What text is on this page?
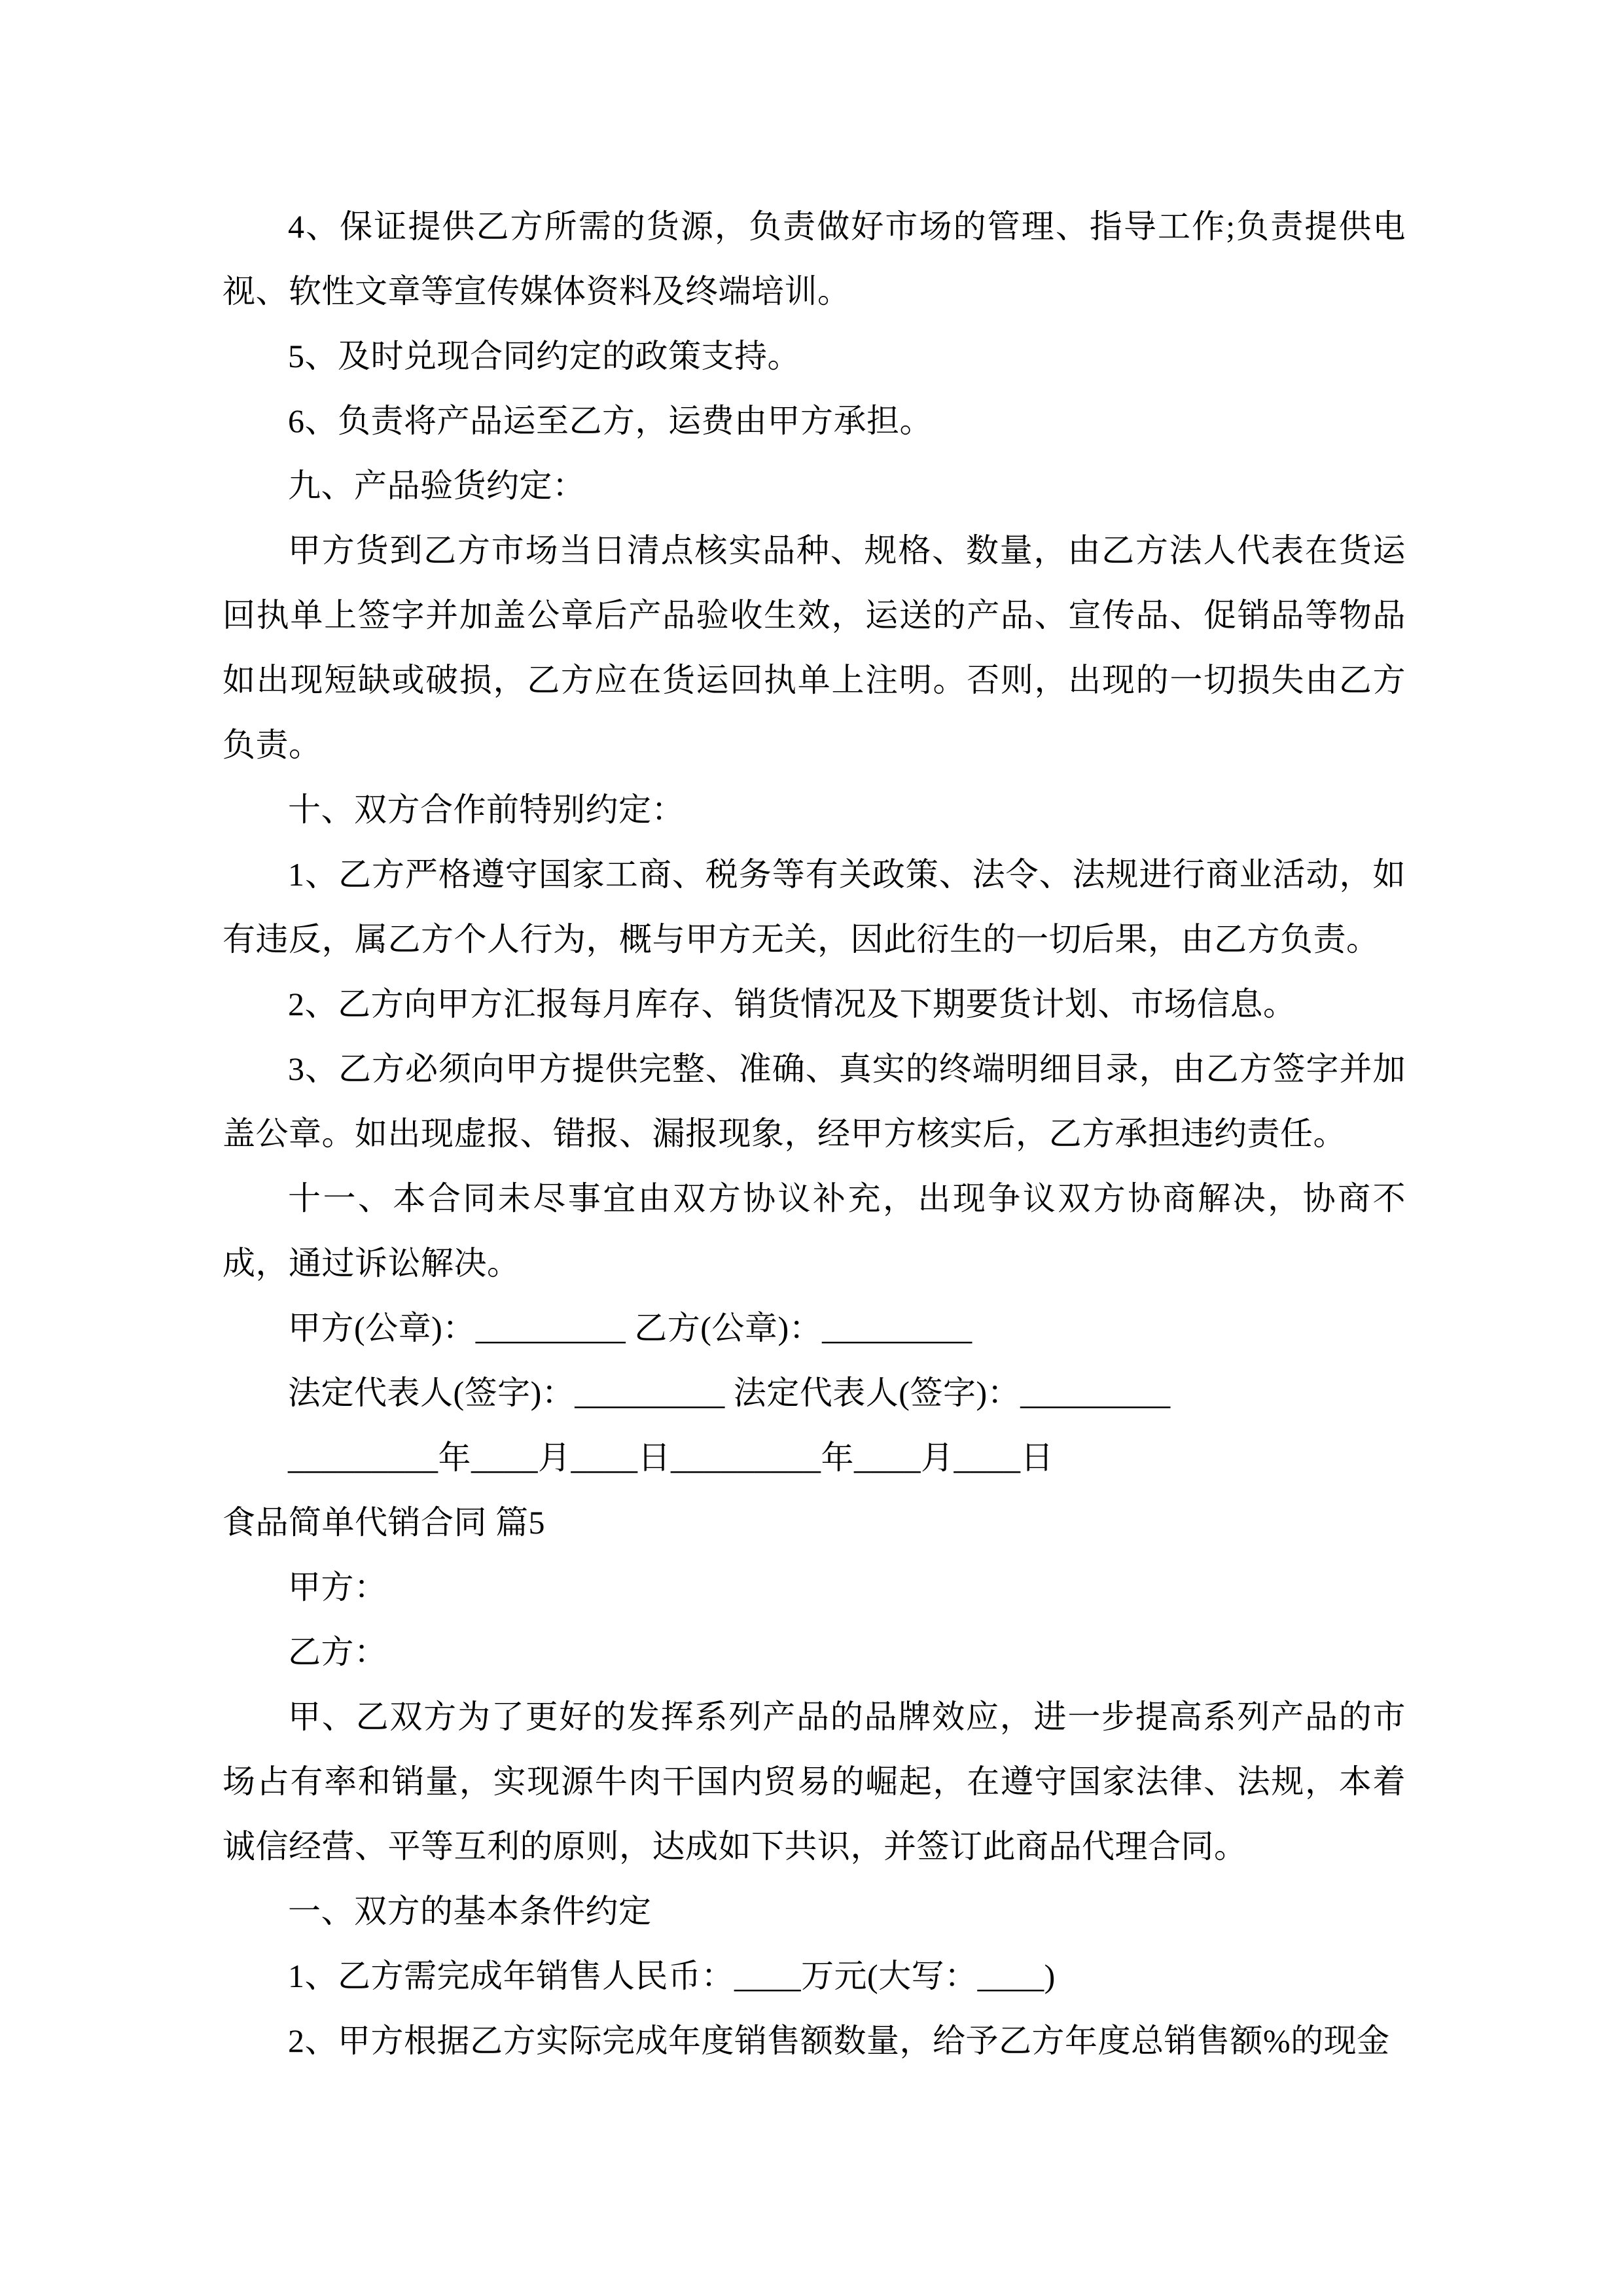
4、保证提供乙方所需的货源，负责做好市场的管理、指导工作;负责提供电视、软性文章等宣传媒体资料及终端培训。

5、及时兑现合同约定的政策支持。

6、负责将产品运至乙方，运费由甲方承担。

九、产品验货约定：

甲方货到乙方市场当日清点核实品种、规格、数量，由乙方法人代表在货运回执单上签字并加盖公章后产品验收生效，运送的产品、宣传品、促销品等物品如出现短缺或破损，乙方应在货运回执单上注明。否则，出现的一切损失由乙方负责。

十、双方合作前特别约定：

1、乙方严格遵守国家工商、税务等有关政策、法令、法规进行商业活动，如有违反，属乙方个人行为，概与甲方无关，因此衍生的一切后果，由乙方负责。

2、乙方向甲方汇报每月库存、销货情况及下期要货计划、市场信息。

3、乙方必须向甲方提供完整、准确、真实的终端明细目录，由乙方签字并加盖公章。如出现虚报、错报、漏报现象，经甲方核实后，乙方承担违约责任。

十一、本合同未尽事宜由双方协议补充，出现争议双方协商解决，协商不成，通过诉讼解决。

甲方(公章)：_________ 乙方(公章)：_________

法定代表人(签字)：_________ 法定代表人(签字)：_________

_________年____月____日_________年____月____日

食品简单代销合同 篇5

甲方：

乙方：

甲、乙双方为了更好的发挥系列产品的品牌效应，进一步提高系列产品的市场占有率和销量，实现源牛肉干国内贸易的崛起，在遵守国家法律、法规，本着诚信经营、平等互利的原则，达成如下共识，并签订此商品代理合同。

一、双方的基本条件约定

1、乙方需完成年销售人民币：____万元(大写：____)

2、甲方根据乙方实际完成年度销售额数量，给予乙方年度总销售额%的现金
